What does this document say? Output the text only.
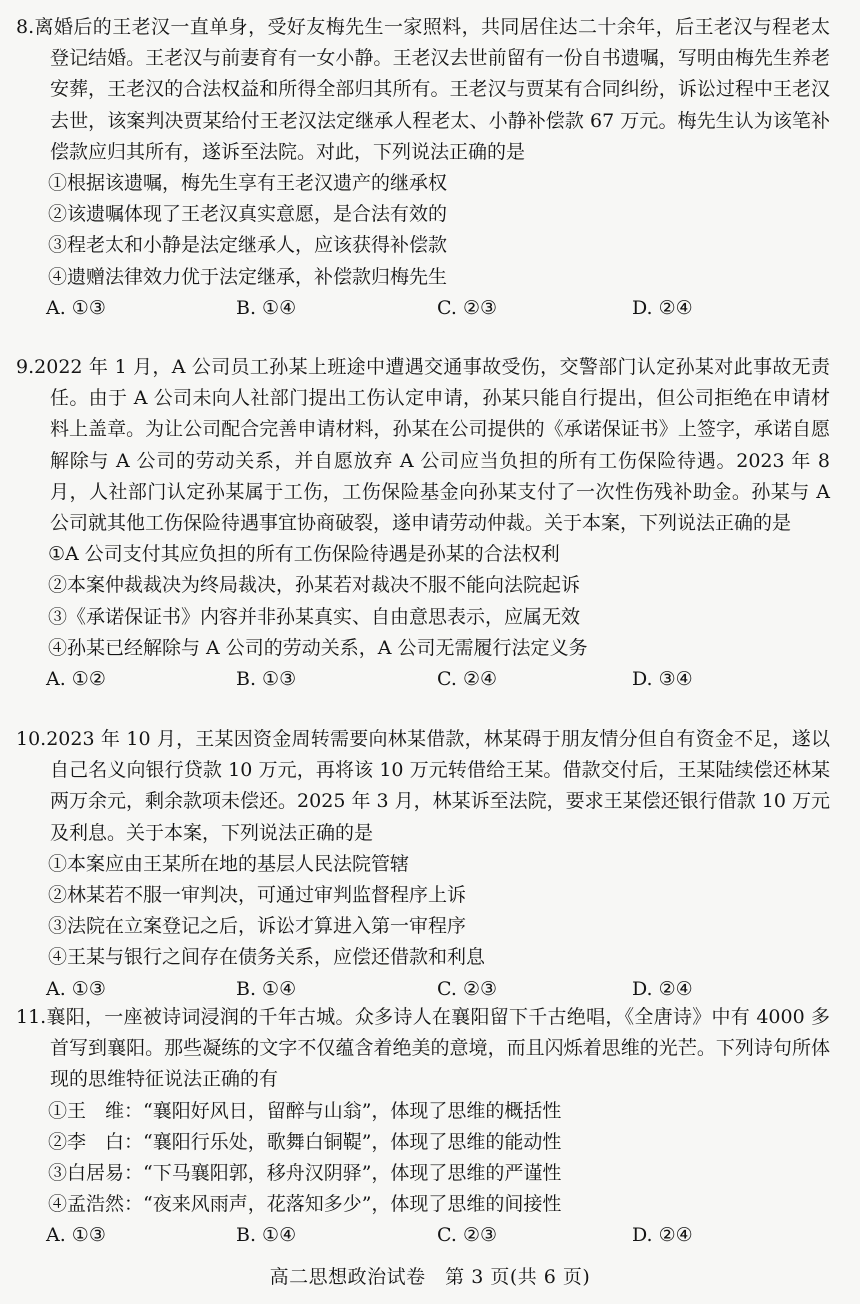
8.离婚后的王老汉一直单身，受好友梅先生一家照料，共同居住达二十余年，后王老汉与程老太登记结婚。王老汉与前妻育有一女小静。王老汉去世前留有一份自书遗嘱，写明由梅先生养老安葬，王老汉的合法权益和所得全部归其所有。王老汉与贾某有合同纠纷，诉讼过程中王老汉去世，该案判决贾某给付王老汉法定继承人程老太、小静补偿款 67 万元。梅先生认为该笔补偿款应归其所有，遂诉至法院。对此，下列说法正确的是

①根据该遗嘱，梅先生享有王老汉遗产的继承权
②该遗嘱体现了王老汉真实意愿，是合法有效的
③程老太和小静是法定继承人，应该获得补偿款
④遗赠法律效力优于法定继承，补偿款归梅先生
A. ①③	B. ①④	C. ②③	D. ②④

9.2022 年 1 月，A 公司员工孙某上班途中遭遇交通事故受伤，交警部门认定孙某对此事故无责任。由于 A 公司未向人社部门提出工伤认定申请，孙某只能自行提出，但公司拒绝在申请材料上盖章。为让公司配合完善申请材料，孙某在公司提供的《承诺保证书》上签字，承诺自愿解除与 A 公司的劳动关系，并自愿放弃 A 公司应当负担的所有工伤保险待遇。2023 年 8 月，人社部门认定孙某属于工伤，工伤保险基金向孙某支付了一次性伤残补助金。孙某与 A 公司就其他工伤保险待遇事宜协商破裂，遂申请劳动仲裁。关于本案，下列说法正确的是

①A 公司支付其应负担的所有工伤保险待遇是孙某的合法权利
②本案仲裁裁决为终局裁决，孙某若对裁决不服不能向法院起诉
③《承诺保证书》内容并非孙某真实、自由意思表示，应属无效
④孙某已经解除与 A 公司的劳动关系，A 公司无需履行法定义务
A. ①②	B. ①③	C. ②④	D. ③④

10.2023 年 10 月，王某因资金周转需要向林某借款，林某碍于朋友情分但自有资金不足，遂以自己名义向银行贷款 10 万元，再将该 10 万元转借给王某。借款交付后，王某陆续偿还林某两万余元，剩余款项未偿还。2025 年 3 月，林某诉至法院，要求王某偿还银行借款 10 万元及利息。关于本案，下列说法正确的是

①本案应由王某所在地的基层人民法院管辖
②林某若不服一审判决，可通过审判监督程序上诉
③法院在立案登记之后，诉讼才算进入第一审程序
④王某与银行之间存在债务关系，应偿还借款和利息
A. ①③	B. ①④	C. ②③	D. ②④

11.襄阳，一座被诗词浸润的千年古城。众多诗人在襄阳留下千古绝唱，《全唐诗》中有 4000 多首写到襄阳。那些凝练的文字不仅蕴含着绝美的意境，而且闪烁着思维的光芒。下列诗句所体现的思维特征说法正确的有

①王　维：“襄阳好风日，留醉与山翁”，体现了思维的概括性
②李　白：“襄阳行乐处，歌舞白铜鞮”，体现了思维的能动性
③白居易：“下马襄阳郭，移舟汉阴驿”，体现了思维的严谨性
④孟浩然：“夜来风雨声，花落知多少”，体现了思维的间接性
A. ①③	B. ①④	C. ②③	D. ②④
高二思想政治试卷　第 3 页(共 6 页)
